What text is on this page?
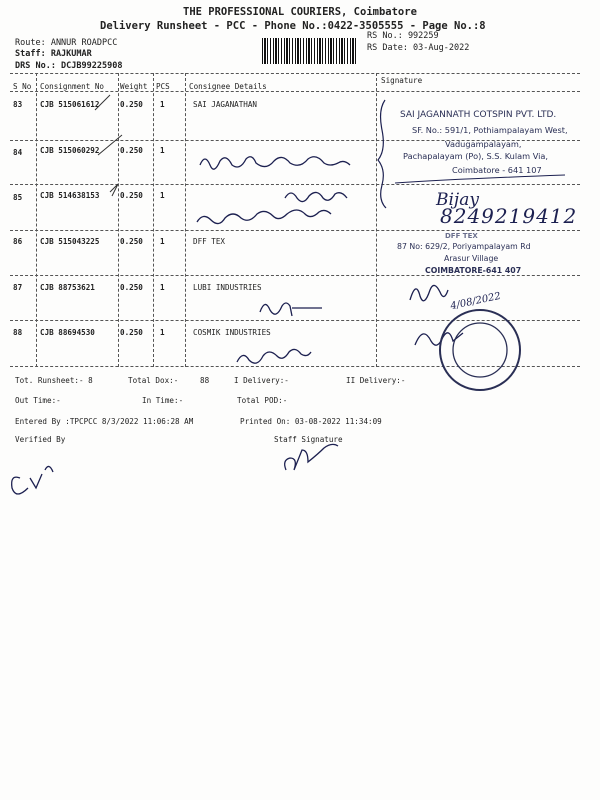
THE PROFESSIONAL COURIERS, Coimbatore
Delivery Runsheet - PCC - Phone No.:0422-3505555 - Page No.:8
Route: ANNUR ROADPCC
Staff: RAJKUMAR
DRS No.: DCJB99225908
RS No.: 992259
RS Date: 03-Aug-2022
S No Consignment No Weight PCS	Consignee Details
Signature
83 CJB 515061612	0.250 1	SAI JAGANATHAN
84 CJB 515060292	0.250 1
85 CJB 514638153	0.250 1
86 CJB 515043225	0.250 1	DFF TEX
87 CJB 88753621	0.250 1	LUBI INDUSTRIES
88 CJB 88694530	0.250 1	COSMIK INDUSTRIES
SAI JAGANNATH COTSPIN PVT. LTD.
SF. No.: 591/1, Pothiampalayam West,
Vadugampalayam,
Pachapalayam (Po), S.S. Kulam Via,
Coimbatore - 641 107
Bijay
8249219412
4/08/2022
DFF TEX
87 No: 629/2, Poriyampalayam Rd
Arasur Village
COIMBATORE-641 407
Tot. Runsheet:- 8	Total Dox:-	88	I Delivery:-	II Delivery:-
Out Time:-	In Time:-	Total POD:-
Entered By :TPCPCC 8/3/2022 11:06:28 AM	Printed On: 03-08-2022 11:34:09
Verified By	Staff Signature
